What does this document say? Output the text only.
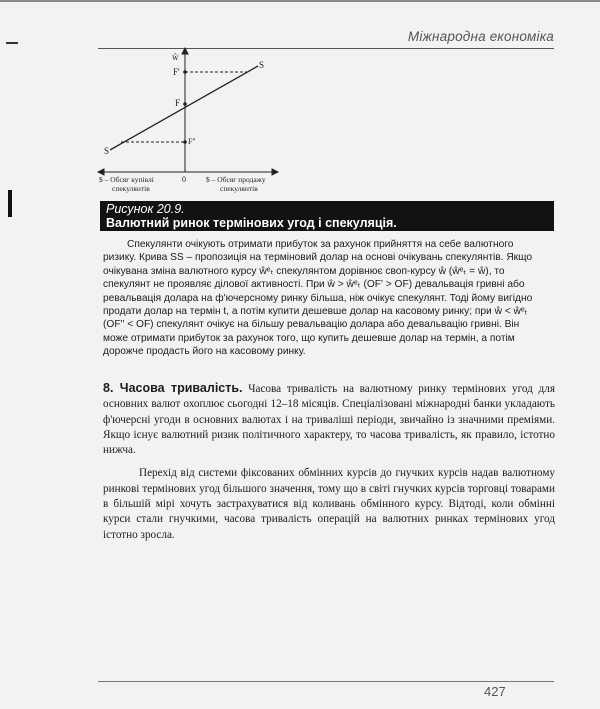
Міжнародна економіка
ŵ
F'
F
F''
S
S
0
$ – Обсяг купівлі
спекулянтів
$ – Обсяг продажу
спекулянтів
Рисунок 20.9.
Валютний ринок термінових угод і спекуляція.

Спекулянти очікують отримати прибуток за рахунок прийняття на себе валютного

ризику. Крива SS – пропозиція на терміновий долар на основі очікувань спекулянтів. Якщо

очікувана зміна валютного курсу ŵᵉₜ спекулянтом дорівнює своп-курсу ŵ (ŵᵉₜ = ŵ), то

спекулянт не проявляє ділової активності. При ŵ > ŵᵉₜ (OF' > OF) девальвація гривні або

ревальвація долара на ф'ючерсному ринку більша, ніж очікує спекулянт. Тоді йому вигідно

продати долар на термін t, а потім купити дешевше долар на касовому ринку; при ŵ < ŵᵉₜ

(OF'' < OF) спекулянт очікує на більшу ревальвацію долара або девальвацію гривні. Він

може отримати прибуток за рахунок того, що купить дешевше долар на термін, а потім

дорожче продасть його на касовому ринку.

8. Часова тривалість. Часова тривалість на валютному ринку термінових угод для основних валют охоплює сьогодні 12–18 місяців. Спеціалізовані міжнародні банки укладають ф'ючерсні угоди в основних валютах і на триваліші періоди, звичайно із значними преміями. Якщо існує валютний ризик політичного характеру, то часова тривалість, як правило, істотно нижча.

Перехід від системи фіксованих обмінних курсів до гнучких курсів надав валютному ринкові термінових угод більшого значення, тому що в світі гнучких курсів торговці товарами в більшій мірі хочуть застрахуватися від коливань обмінного курсу. Відтоді, коли обмінні курси стали гнучкими, часова тривалість операцій на валютних ринках термінових угод істотно зросла.

427
